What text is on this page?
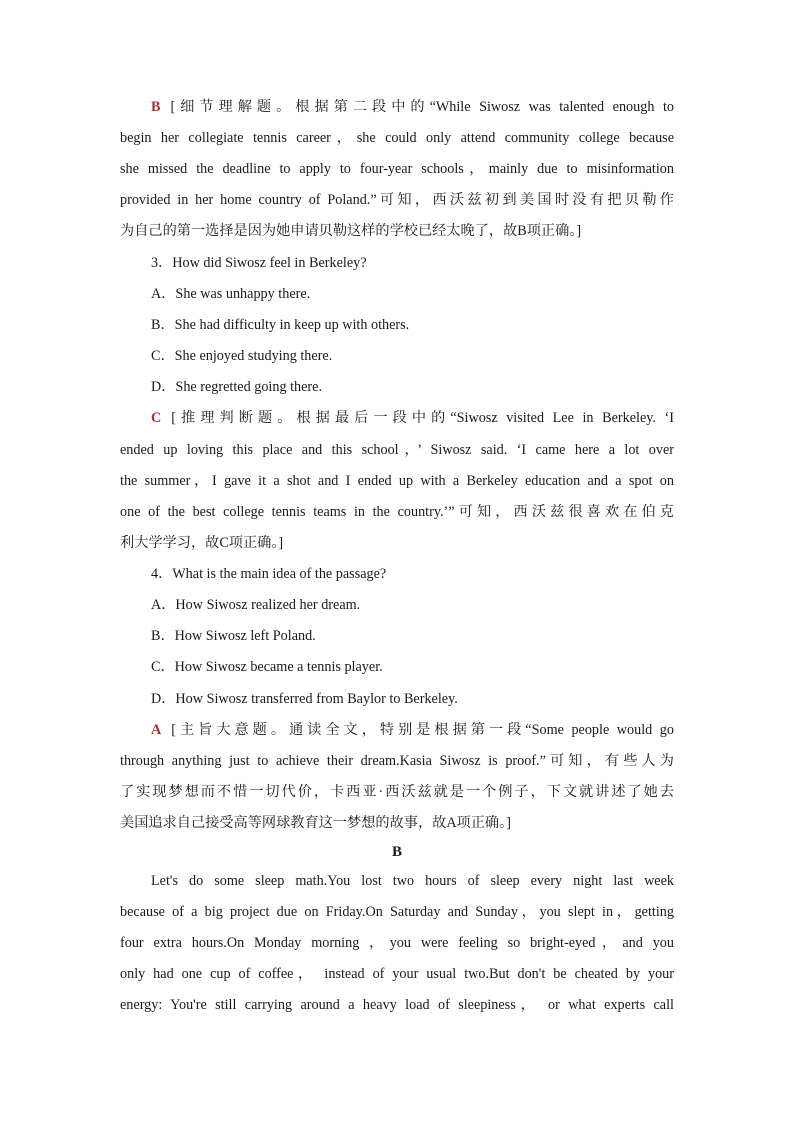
B [细节理解题。根据第二段中的“While Siwosz was talented enough to
begin her collegiate tennis career，she could only attend community college because
she missed the deadline to apply to four-year schools，mainly due to misinformation
provided in her home country of Poland.”可知，西沃兹初到美国时没有把贝勒作
为自己的第一选择是因为她申请贝勒这样的学校已经太晚了，故B项正确。]
3．How did Siwosz feel in Berkeley?
A．She was unhappy there.
B．She had difficulty in keep up with others.
C．She enjoyed studying there.
D．She regretted going there.
C [推理判断题。根据最后一段中的“Siwosz visited Lee in Berkeley. ‘I
ended up loving this place and this school，’ Siwosz said. ‘I came here a lot over
the summer，I gave it a shot and I ended up with a Berkeley education and a spot on
one of the best college tennis teams in the country.’”可知，西沃兹很喜欢在伯克
利大学学习，故C项正确。]
4．What is the main idea of the passage?
A．How Siwosz realized her dream.
B．How Siwosz left Poland.
C．How Siwosz became a tennis player.
D．How Siwosz transferred from Baylor to Berkeley.
A [主旨大意题。通读全文，特别是根据第一段“Some people would go
through anything just to achieve their dream.Kasia Siwosz is proof.”可知，有些人为
了实现梦想而不惜一切代价，卡西亚·西沃兹就是一个例子，下文就讲述了她去
美国追求自己接受高等网球教育这一梦想的故事，故A项正确。]
B
Let's do some sleep math.You lost two hours of sleep every night last week
because of a big project due on Friday.On Saturday and Sunday，you slept in，getting
four extra hours.On Monday morning ，you were feeling so bright-eyed，and you
only had one cup of coffee， instead of your usual two.But don't be cheated by your
energy: You're still carrying around a heavy load of sleepiness， or what experts call
